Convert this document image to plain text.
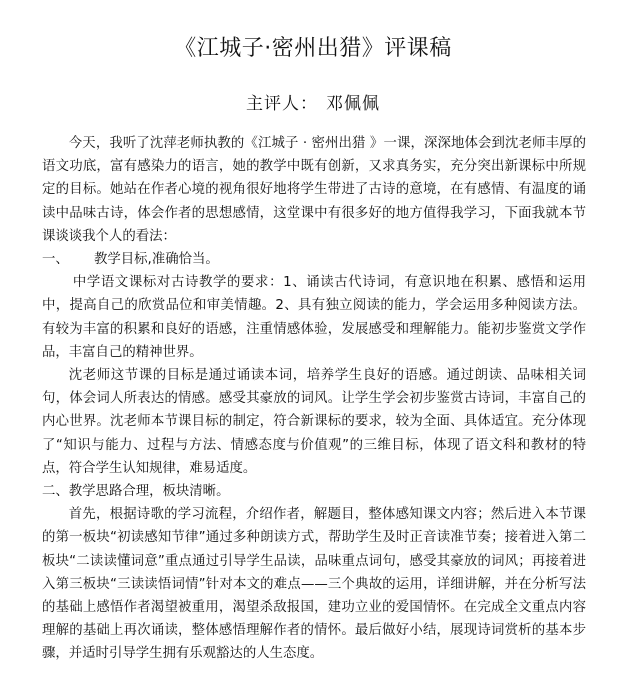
《江城子·密州出猎》评课稿

主评人： 邓佩佩

今天，我听了沈萍老师执教的《江城子 · 密州出猎 》一课，深深地体会到沈老师丰厚的语文功底，富有感染力的语言，她的教学中既有创新，又求真务实，充分突出新课标中所规定的目标。她站在作者心境的视角很好地将学生带进了古诗的意境，在有感情、有温度的诵读中品味古诗，体会作者的思想感情，这堂课中有很多好的地方值得我学习，下面我就本节课谈谈我个人的看法：

一、	教学目标,准确恰当。

中学语文课标对古诗教学的要求：1、诵读古代诗词，有意识地在积累、感悟和运用中，提高自己的欣赏品位和审美情趣。2、具有独立阅读的能力，学会运用多种阅读方法。有较为丰富的积累和良好的语感，注重情感体验，发展感受和理解能力。能初步鉴赏文学作品，丰富自己的精神世界。

沈老师这节课的目标是通过诵读本词，培养学生良好的语感。通过朗读、品味相关词句，体会词人所表达的情感。感受其豪放的词风。让学生学会初步鉴赏古诗词，丰富自己的内心世界。沈老师本节课目标的制定，符合新课标的要求，较为全面、具体适宜。充分体现了“知识与能力、过程与方法、情感态度与价值观”的三维目标，体现了语文科和教材的特点，符合学生认知规律，难易适度。

二、教学思路合理，板块清晰。

首先，根据诗歌的学习流程，介绍作者，解题目，整体感知课文内容；然后进入本节课的第一板块“初读感知节律”通过多种朗读方式，帮助学生及时正音读准节奏；接着进入第二板块“二读读懂词意”重点通过引导学生品读，品味重点词句，感受其豪放的词风；再接着进入第三板块“三读读悟词情”针对本文的难点——三个典故的运用，详细讲解，并在分析写法的基础上感悟作者渴望被重用，渴望杀敌报国，建功立业的爱国情怀。在完成全文重点内容理解的基础上再次诵读，整体感悟理解作者的情怀。最后做好小结，展现诗词赏析的基本步骤，并适时引导学生拥有乐观豁达的人生态度。
